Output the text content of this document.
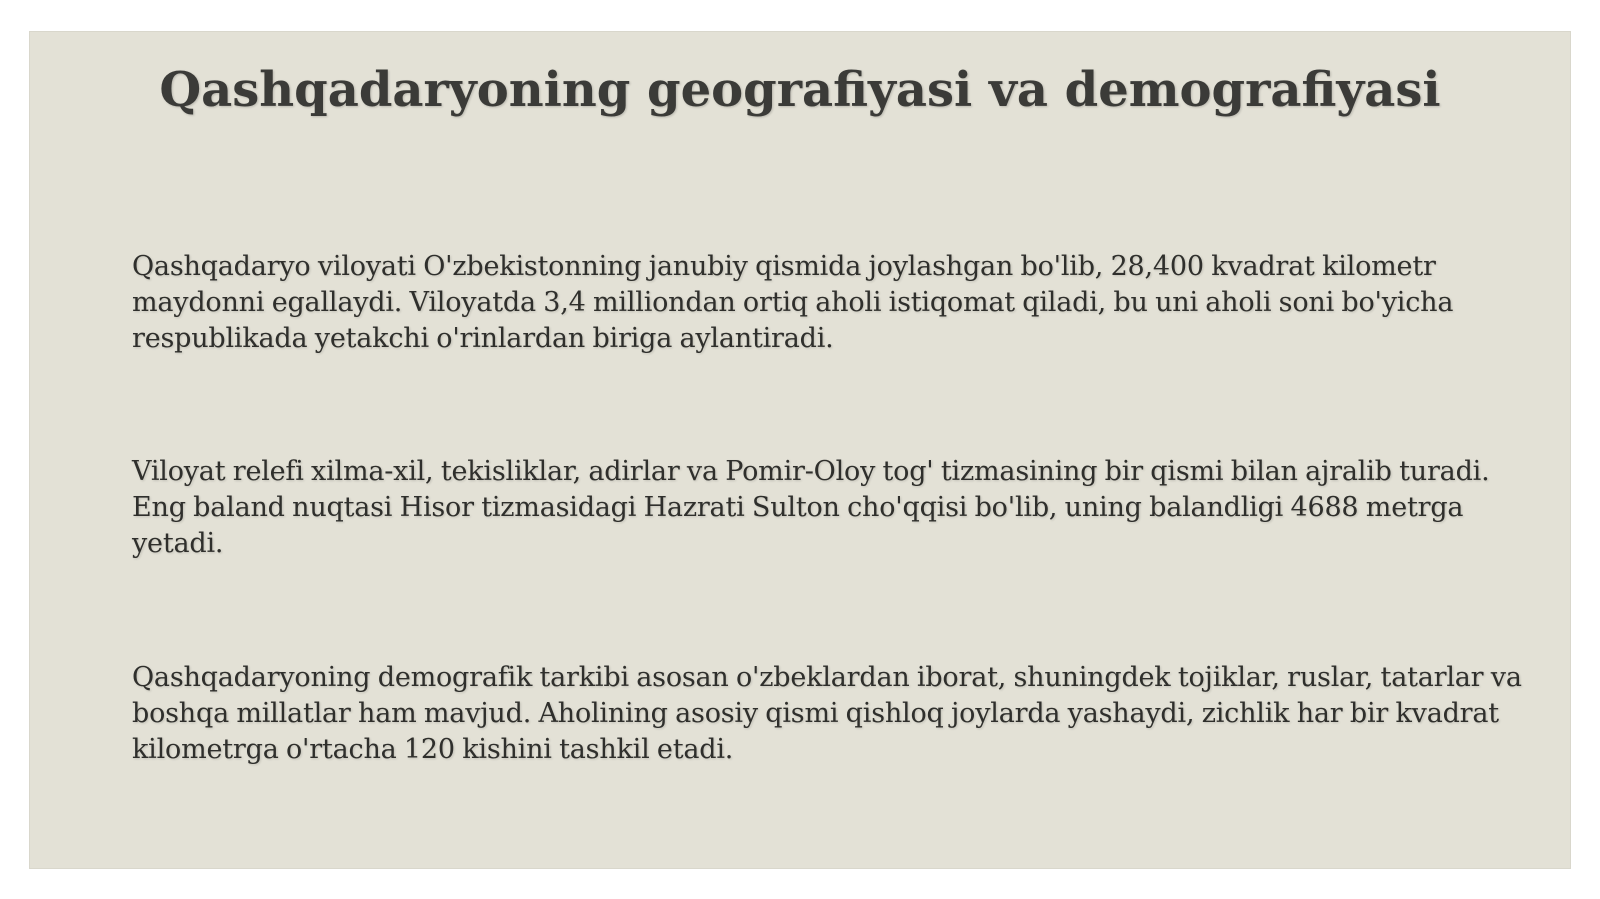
Qashqadaryoning geografiyasi va demografiyasi

Qashqadaryo viloyati O'zbekistonning janubiy qismida joylashgan bo'lib, 28,400 kvadrat kilometr maydonni egallaydi. Viloyatda 3,4 milliondan ortiq aholi istiqomat qiladi, bu uni aholi soni bo'yicha respublikada yetakchi o'rinlardan biriga aylantiradi.

Viloyat relefi xilma-xil, tekisliklar, adirlar va Pomir-Oloy tog' tizmasining bir qismi bilan ajralib turadi. Eng baland nuqtasi Hisor tizmasidagi Hazrati Sulton cho'qqisi bo'lib, uning balandligi 4688 metrga yetadi.

Qashqadaryoning demografik tarkibi asosan o'zbeklardan iborat, shuningdek tojiklar, ruslar, tatarlar va boshqa millatlar ham mavjud. Aholining asosiy qismi qishloq joylarda yashaydi, zichlik har bir kvadrat kilometrga o'rtacha 120 kishini tashkil etadi.
